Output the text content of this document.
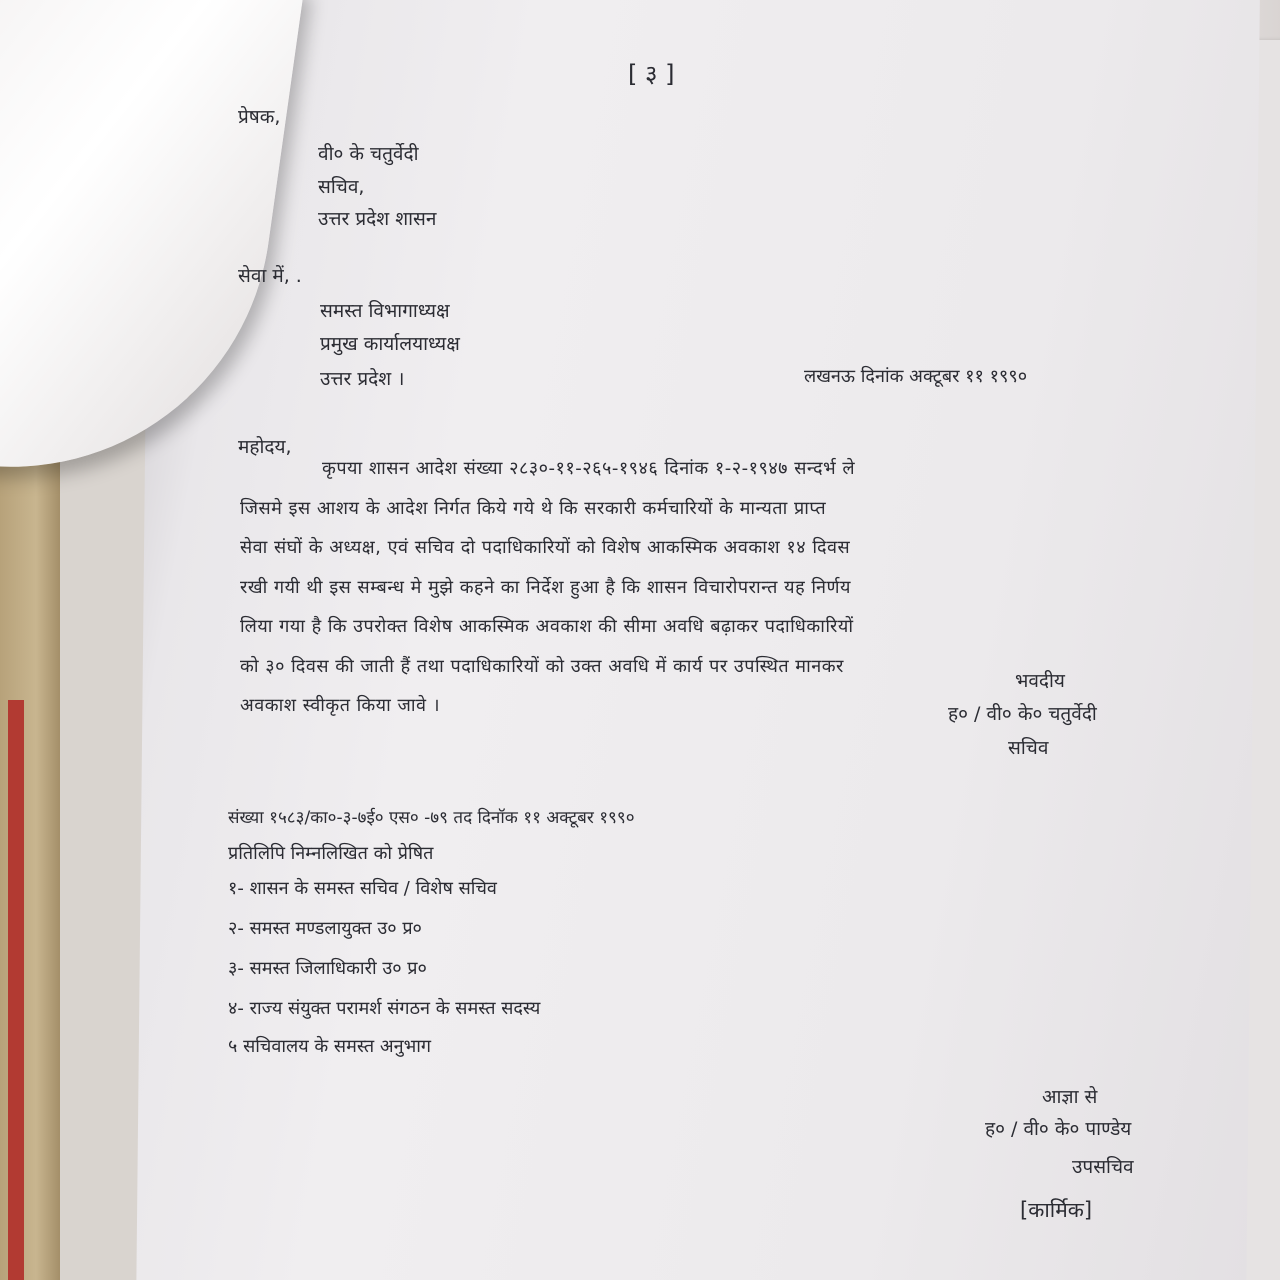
[ ३ ]
प्रेषक,
वी० के चतुर्वेदी
सचिव,
उत्तर प्रदेश शासन
सेवा में, .
समस्त विभागाध्यक्ष
प्रमुख कार्यालयाध्यक्ष
उत्तर प्रदेश ।	लखनऊ दिनांक अक्टूबर ११ १९९०
महोदय,
कृपया शासन आदेश संख्या २८३०-११-२६५-१९४६ दिनांक १-२-१९४७ सन्दर्भ ले
जिसमे इस आशय के आदेश निर्गत किये गये थे कि सरकारी कर्मचारियों के मान्यता प्राप्त
सेवा संघों के अध्यक्ष, एवं सचिव दो पदाधिकारियों को विशेष आकस्मिक अवकाश १४ दिवस
रखी गयी थी इस सम्बन्ध मे मुझे कहने का निर्देश हुआ है कि शासन विचारोपरान्त यह निर्णय
लिया गया है कि उपरोक्त विशेष आकस्मिक अवकाश की सीमा अवधि बढ़ाकर पदाधिकारियों
को ३० दिवस की जाती हैं तथा पदाधिकारियों को उक्त अवधि में कार्य पर उपस्थित मानकर
अवकाश स्वीकृत किया जावे ।
भवदीय
ह० / वी० के० चतुर्वेदी
सचिव
संख्या १५८३/का०-३-७ई० एस० -७९ तद दिनॉक ११ अक्टूबर १९९०
प्रतिलिपि निम्नलिखित को प्रेषित
१- शासन के समस्त सचिव / विशेष सचिव
२- समस्त मण्डलायुक्त उ० प्र०
३- समस्त जिलाधिकारी उ० प्र०
४- राज्य संयुक्त परामर्श संगठन के समस्त सदस्य
५ सचिवालय के समस्त अनुभाग
आज्ञा से
ह० / वी० के० पाण्डेय
उपसचिव
[कार्मिक]
